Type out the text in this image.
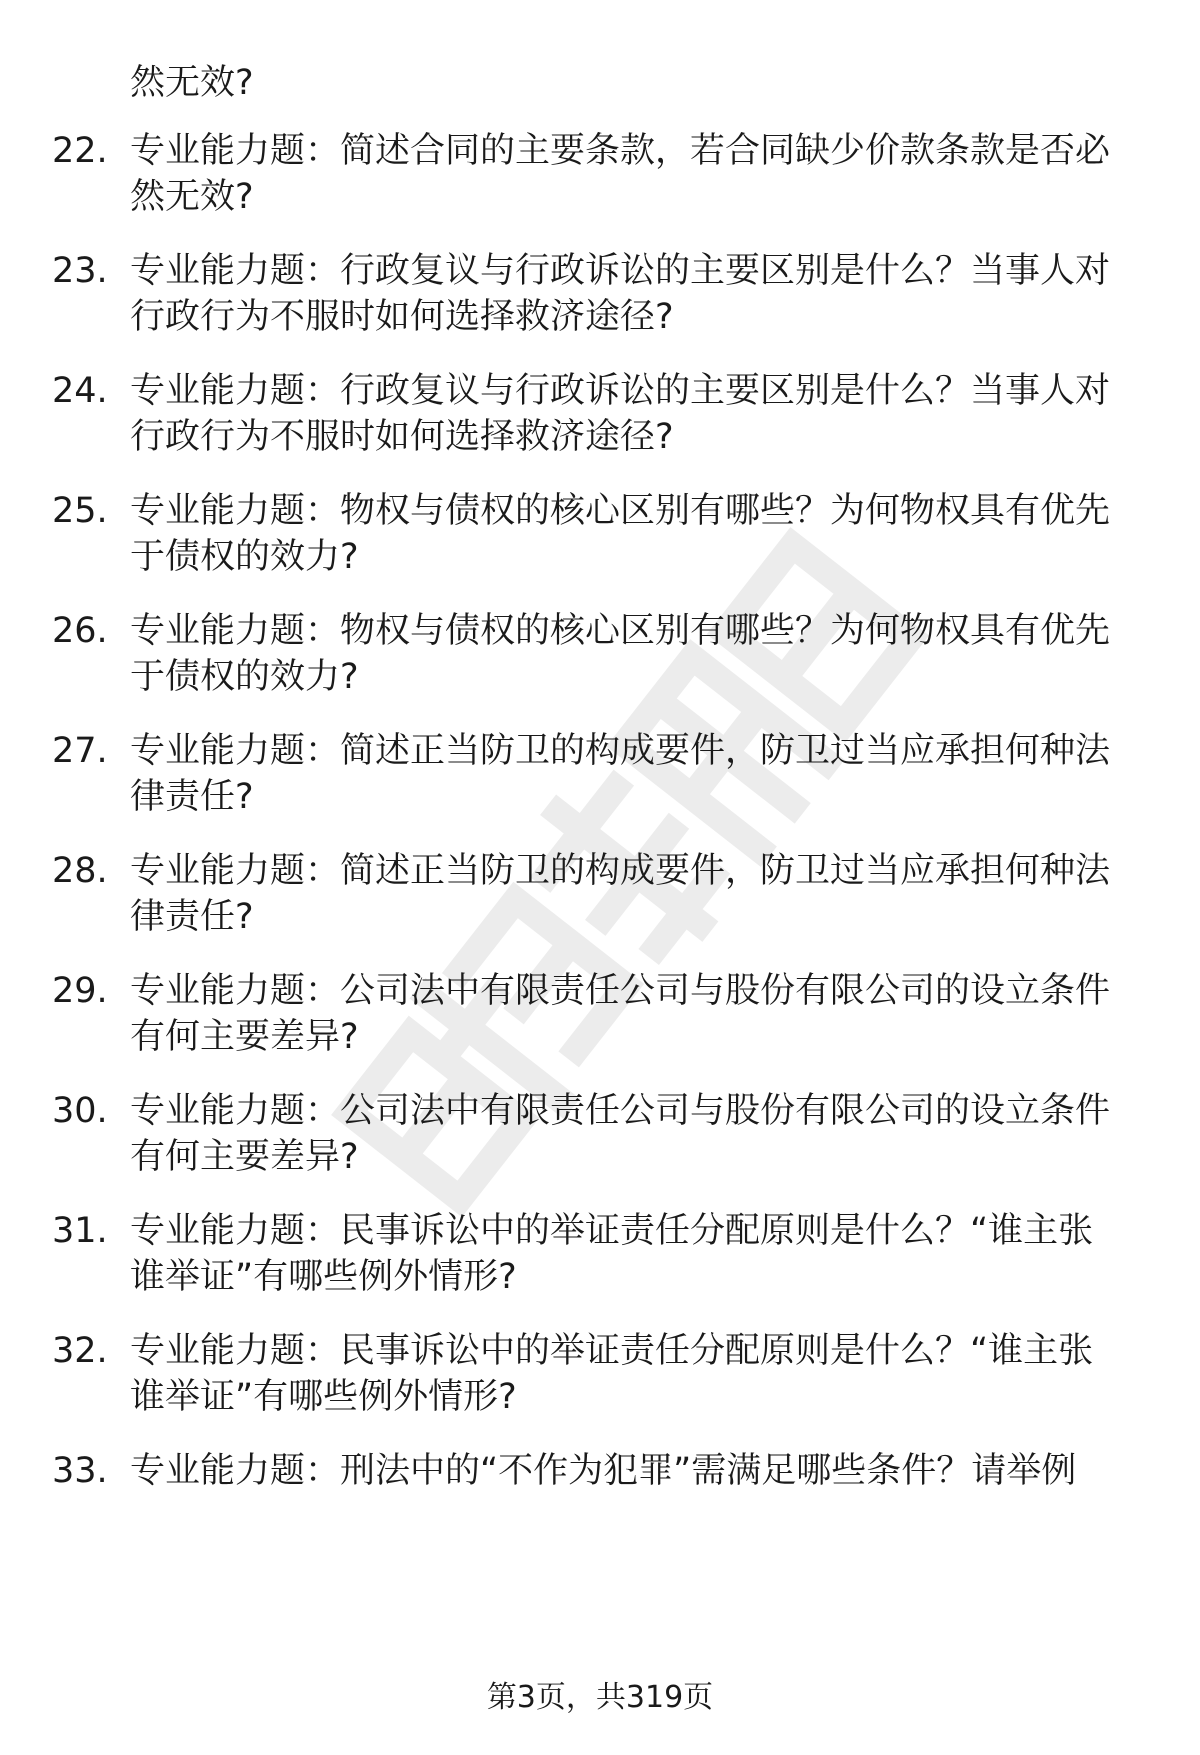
然无效?
22. 专业能力题：简述合同的主要条款，若合同缺少价款条款是否必
然无效?
23. 专业能力题：行政复议与行政诉讼的主要区别是什么？当事人对
行政行为不服时如何选择救济途径?
24. 专业能力题：行政复议与行政诉讼的主要区别是什么？当事人对
行政行为不服时如何选择救济途径?
25. 专业能力题：物权与债权的核心区别有哪些？为何物权具有优先
于债权的效力?
26. 专业能力题：物权与债权的核心区别有哪些？为何物权具有优先
于债权的效力?
27. 专业能力题：简述正当防卫的构成要件，防卫过当应承担何种法
律责任?
28. 专业能力题：简述正当防卫的构成要件，防卫过当应承担何种法
律责任?
29. 专业能力题：公司法中有限责任公司与股份有限公司的设立条件
有何主要差异?
30. 专业能力题：公司法中有限责任公司与股份有限公司的设立条件
有何主要差异?
31. 专业能力题：民事诉讼中的举证责任分配原则是什么？“谁主张
谁举证”有哪些例外情形?
32. 专业能力题：民事诉讼中的举证责任分配原则是什么？“谁主张
谁举证”有哪些例外情形?
33. 专业能力题：刑法中的“不作为犯罪”需满足哪些条件？请举例
第3页，共319页
